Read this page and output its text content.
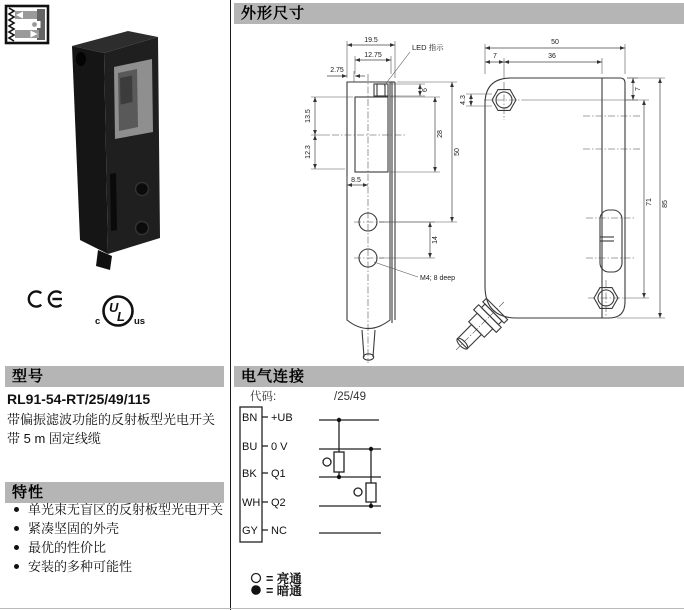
U
L
c	us
型号
RL91-54-RT/25/49/115
带偏振滤波功能的反射板型光电开关
带 5 m 固定线缆
特性
单光束无盲区的反射板型光电开关
紧凑坚固的外壳
最优的性价比
安装的多种可能性
外形尺寸
19.5
12.75
2.75
LED 指示
13.5
12.3
6
28
50
8.5
14
M4; 8 deep
50
7	36
4.3
7
71 85
电气连接
代码:	/25/49
BN +UB
BU 0 V
BK Q1
WH Q2
GY NC
= 亮通
= 暗通
